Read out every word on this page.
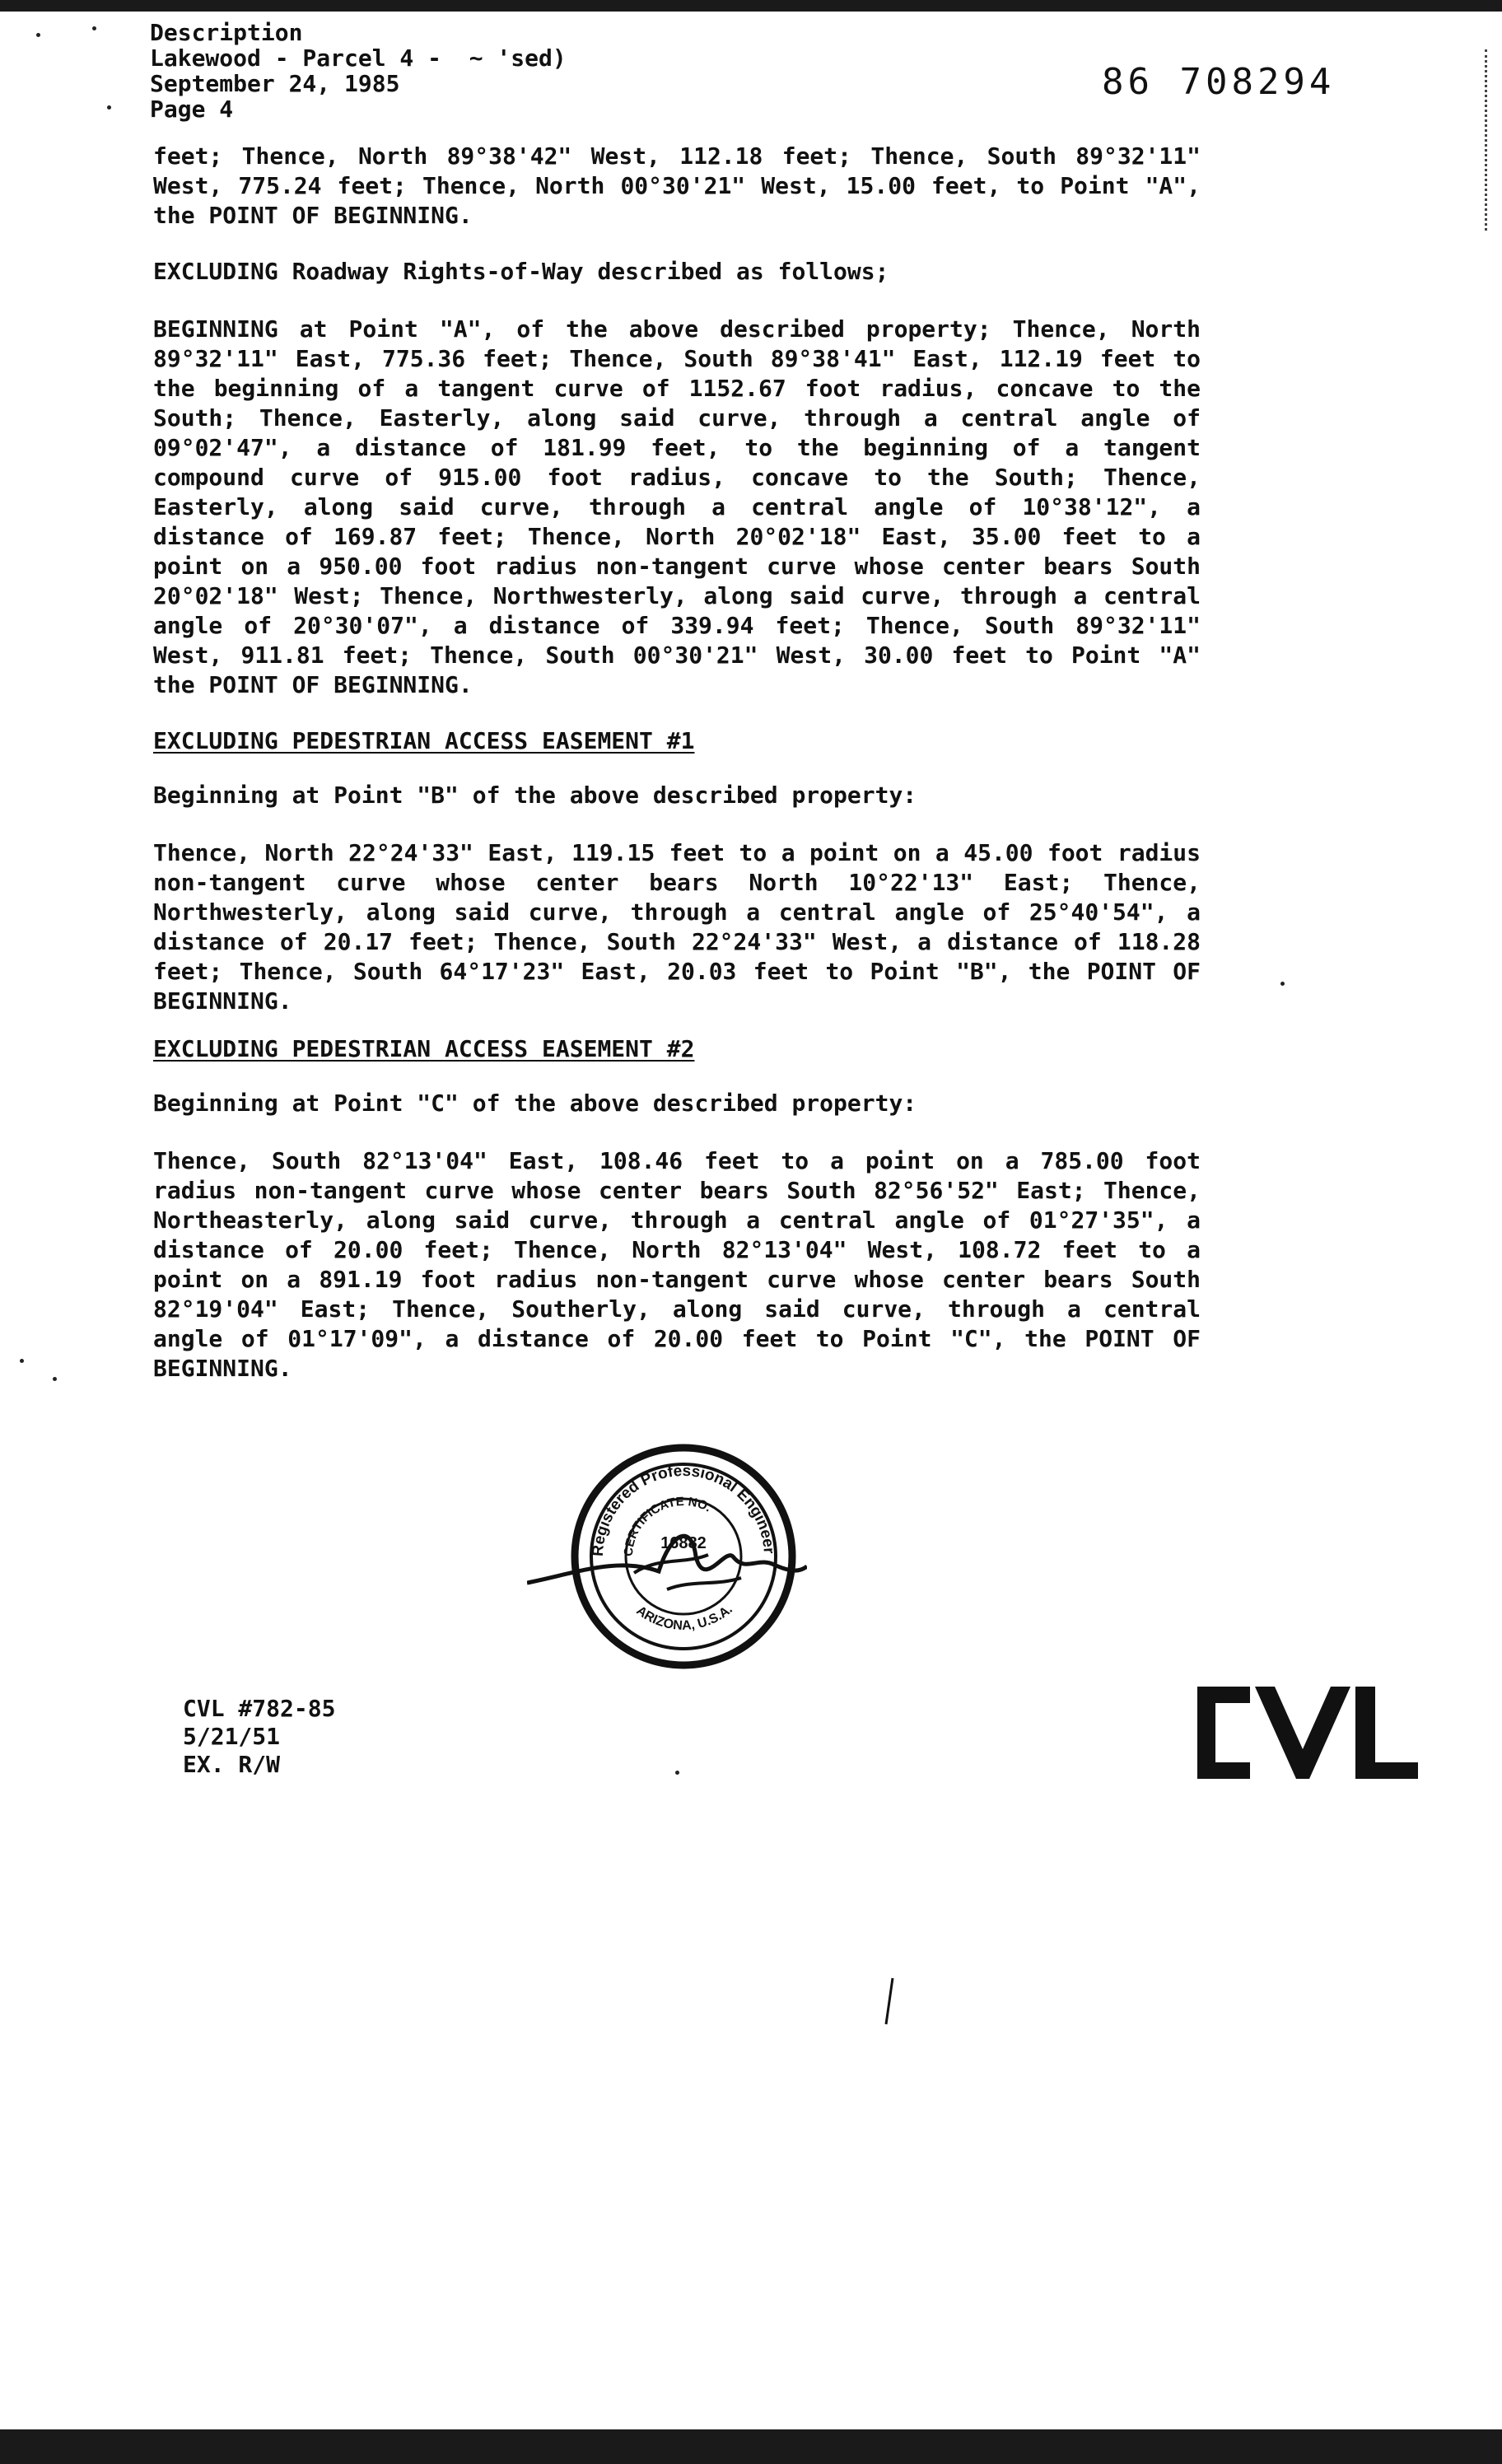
Description
Lakewood - Parcel 4 -  ~ 'sed)
September 24, 1985
Page 4
86 708294
feet; Thence, North 89°38'42" West, 112.18 feet; Thence, South 89°32'11" West, 775.24 feet; Thence, North 00°30'21" West, 15.00 feet, to Point "A", the POINT OF BEGINNING.
EXCLUDING Roadway Rights-of-Way described as follows;
BEGINNING at Point "A", of the above described property; Thence, North 89°32'11" East, 775.36 feet; Thence, South 89°38'41" East, 112.19 feet to the beginning of a tangent curve of 1152.67 foot radius, concave to the South; Thence, Easterly, along said curve, through a central angle of 09°02'47", a distance of 181.99 feet, to the beginning of a tangent compound curve of 915.00 foot radius, concave to the South; Thence, Easterly, along said curve, through a central angle of 10°38'12", a distance of 169.87 feet; Thence, North 20°02'18" East, 35.00 feet to a point on a 950.00 foot radius non-tangent curve whose center bears South 20°02'18" West; Thence, Northwesterly, along said curve, through a central angle of 20°30'07", a distance of 339.94 feet; Thence, South 89°32'11" West, 911.81 feet; Thence, South 00°30'21" West, 30.00 feet to Point "A" the POINT OF BEGINNING.
EXCLUDING PEDESTRIAN ACCESS EASEMENT #1
Beginning at Point "B" of the above described property:
Thence, North 22°24'33" East, 119.15 feet to a point on a 45.00 foot radius non-tangent curve whose center bears North 10°22'13" East; Thence, Northwesterly, along said curve, through a central angle of 25°40'54", a distance of 20.17 feet; Thence, South 22°24'33" West, a distance of 118.28 feet; Thence, South 64°17'23" East, 20.03 feet to Point "B", the POINT OF BEGINNING.
EXCLUDING PEDESTRIAN ACCESS EASEMENT #2
Beginning at Point "C" of the above described property:
Thence, South 82°13'04" East, 108.46 feet to a point on a 785.00 foot radius non-tangent curve whose center bears South 82°56'52" East; Thence, Northeasterly, along said curve, through a central angle of 01°27'35", a distance of 20.00 feet; Thence, North 82°13'04" West, 108.72 feet to a point on a 891.19 foot radius non-tangent curve whose center bears South 82°19'04" East; Thence, Southerly, along said curve, through a central angle of 01°17'09", a distance of 20.00 feet to Point "C", the POINT OF BEGINNING.
Registered Professional Engineer
CERTIFICATE NO.
16882
ARIZONA, U.S.A.
CVL #782-85
5/21/51
EX. R/W
